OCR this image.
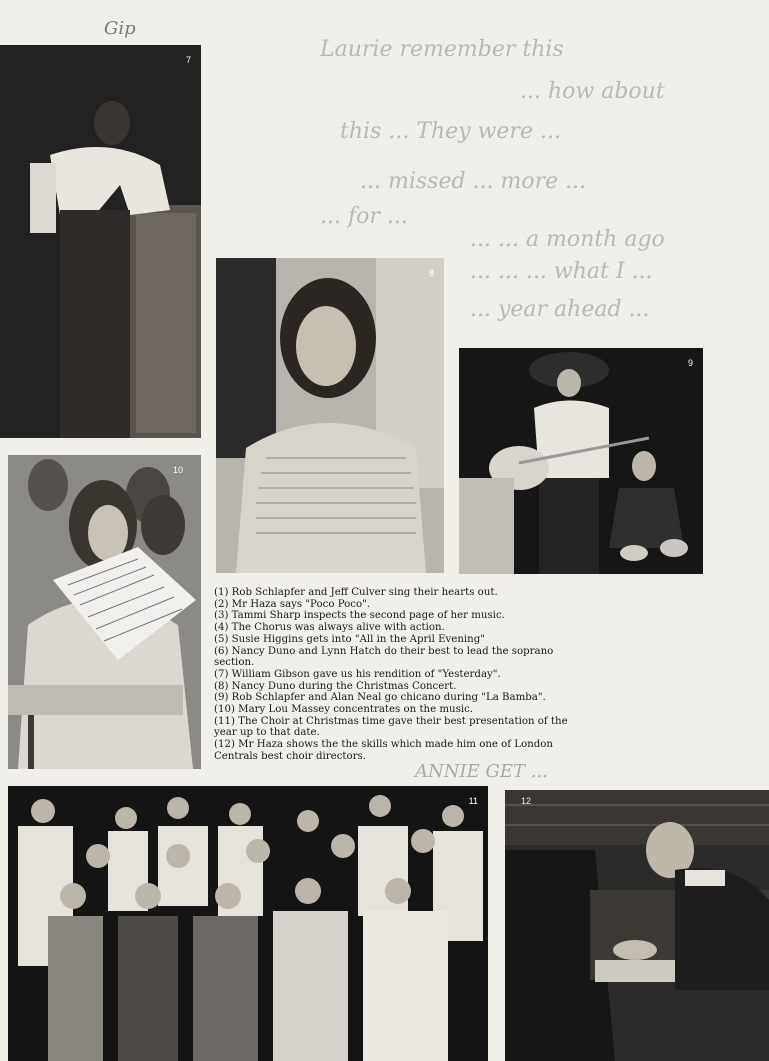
Gip
Laurie remember this
... how about
this ... They were ...
... missed ... more ...
... for ...
... ... a month ago
... ... ... what I ...
... year ahead ...
7
8
9
10

(1) Rob Schlapfer and Jeff Culver sing their hearts out.

(2) Mr Haza says "Poco Poco".

(3) Tammi Sharp inspects the second page of her music.

(4) The Chorus was always alive with action.

(5) Susie Higgins gets into "All in the April Evening"

(6) Nancy Duno and Lynn Hatch do their best to lead the soprano section.

(7) William Gibson gave us his rendition of "Yesterday".

(8) Nancy Duno during the Christmas Concert.

(9) Rob Schlapfer and Alan Neal go chicano during "La Bamba".

(10) Mary Lou Massey concentrates on the music.

(11) The Choir at Christmas time gave their best presentation of the year up to that date.

(12) Mr Haza shows the the skills which made him one of London Centrals best choir directors.

ANNIE GET ...
11	12
